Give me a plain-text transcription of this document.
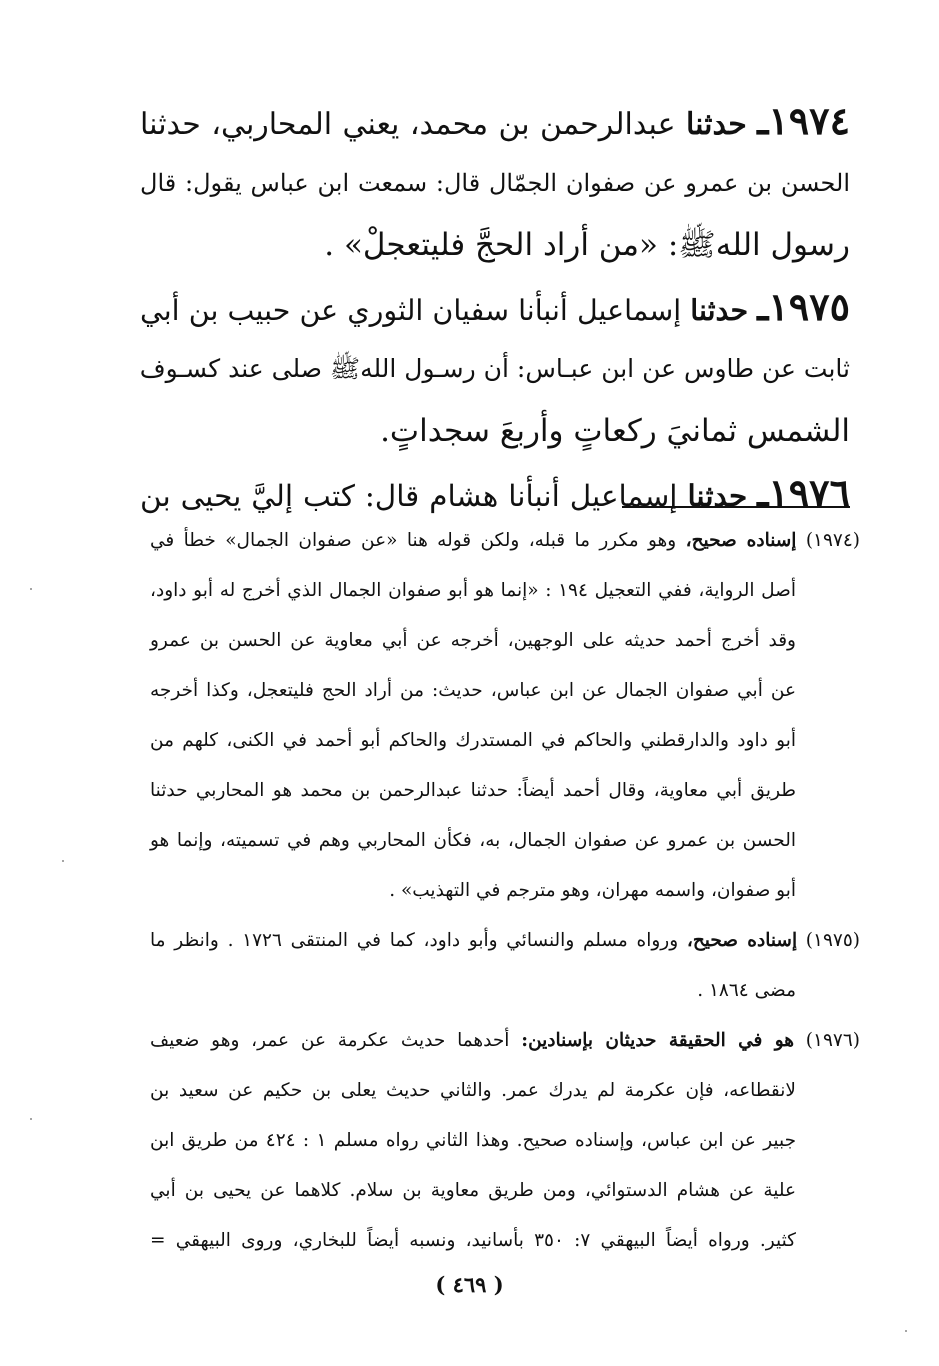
١٩٧٤ـ حدثنا عبدالرحمن بن محمد، يعني المحاربي، حدثنا
الحسن بن عمرو عن صفوان الجمّال قال: سمعت ابن عباس يقول: قال
رسول اللهﷺ: «من أراد الحجَّ فليتعجلْ» .
١٩٧٥ـ حدثنا إسماعيل أنبأنا سفيان الثوري عن حبيب بن أبي
ثابت عن طاوس عن ابن عبـاس: أن رسـول اللهﷺ صلى عند كسـوف
الشمس ثمانيَ ركعاتٍ وأربعَ سجداتٍ.
١٩٧٦ـ حدثنا إسماعيل أنبأنا هشام قال: كتب إليَّ يحيى بن
(١٩٧٤) إسناده صحيح، وهو مكرر ما قبله، ولكن قوله هنا «عن صفوان الجمال» خطأ في
أصل الرواية، ففي التعجيل ١٩٤ : «إنما هو أبو صفوان الجمال الذي أخرج له أبو داود،
وقد أخرج أحمد حديثه على الوجهين، أخرجه عن أبي معاوية عن الحسن بن عمرو
عن أبي صفوان الجمال عن ابن عباس، حديث: من أراد الحج فليتعجل، وكذا أخرجه
أبو داود والدارقطني والحاكم في المستدرك والحاكم أبو أحمد في الكنى، كلهم من
طريق أبي معاوية، وقال أحمد أيضاً: حدثنا عبدالرحمن بن محمد هو المحاربي حدثنا
الحسن بن عمرو عن صفوان الجمال، به، فكأن المحاربي وهم في تسميته، وإنما هو
أبو صفوان، واسمه مهران، وهو مترجم في التهذيب» .
(١٩٧٥) إسناده صحيح، ورواه مسلم والنسائي وأبو داود، كما في المنتقى ١٧٢٦ . وانظر ما
مضى ١٨٦٤ .
(١٩٧٦) هو في الحقيقة حديثان بإسنادين: أحدهما حديث عكرمة عن عمر، وهو ضعيف
لانقطاعه، فإن عكرمة لم يدرك عمر. والثاني حديث يعلى بن حكيم عن سعيد بن
جبير عن ابن عباس، وإسناده صحيح. وهذا الثاني رواه مسلم ١ : ٤٢٤ من طريق ابن
علية عن هشام الدستوائي، ومن طريق معاوية بن سلام. كلاهما عن يحيى بن أبي
كثير. ورواه أيضاً البيهقي ٧: ٣٥٠ بأسانيد، ونسبه أيضاً للبخاري، وروى البيهقي =
( ٤٦٩ )
